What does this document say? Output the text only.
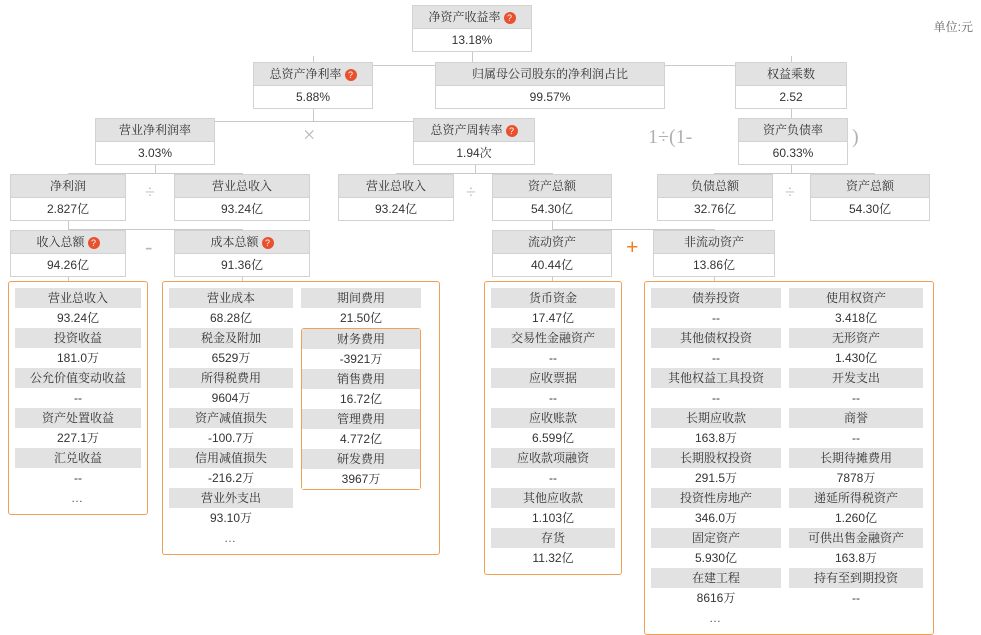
单位:元
净资产收益率 ?
13.18%
总资产净利率 ?
5.88%
归属母公司股东的净利润占比
99.57%
权益乘数
2.52
营业净利润率
3.03%
×	总资产周转率 ?
1.94次
1÷(1-	)
资产负债率
60.33%
净利润
2.827亿
÷	营业总收入
93.24亿
营业总收入
93.24亿
÷	资产总额
54.30亿
负债总额
32.76亿
÷	资产总额
54.30亿
收入总额 ?
94.26亿
-	成本总额 ?
91.36亿
流动资产
40.44亿
+	非流动资产
13.86亿
营业总收入
93.24亿
投资收益
181.0万
公允价值变动收益
--
资产处置收益
227.1万
汇兑收益
--
…
营业成本
68.28亿
税金及附加
6529万
所得税费用
9604万
资产减值损失
-100.7万
信用减值损失
-216.2万
营业外支出
93.10万
…
期间费用
21.50亿
财务费用
-3921万
销售费用
16.72亿
管理费用
4.772亿
研发费用
3967万
货币资金
17.47亿
交易性金融资产
--
应收票据
--
应收账款
6.599亿
应收款项融资
--
其他应收款
1.103亿
存货
11.32亿
债券投资
--
其他债权投资
--
其他权益工具投资
--
长期应收款
163.8万
长期股权投资
291.5万
投资性房地产
346.0万
固定资产
5.930亿
在建工程
8616万
…
使用权资产
3.418亿
无形资产
1.430亿
开发支出
--
商誉
--
长期待摊费用
7878万
递延所得税资产
1.260亿
可供出售金融资产
163.8万
持有至到期投资
--
